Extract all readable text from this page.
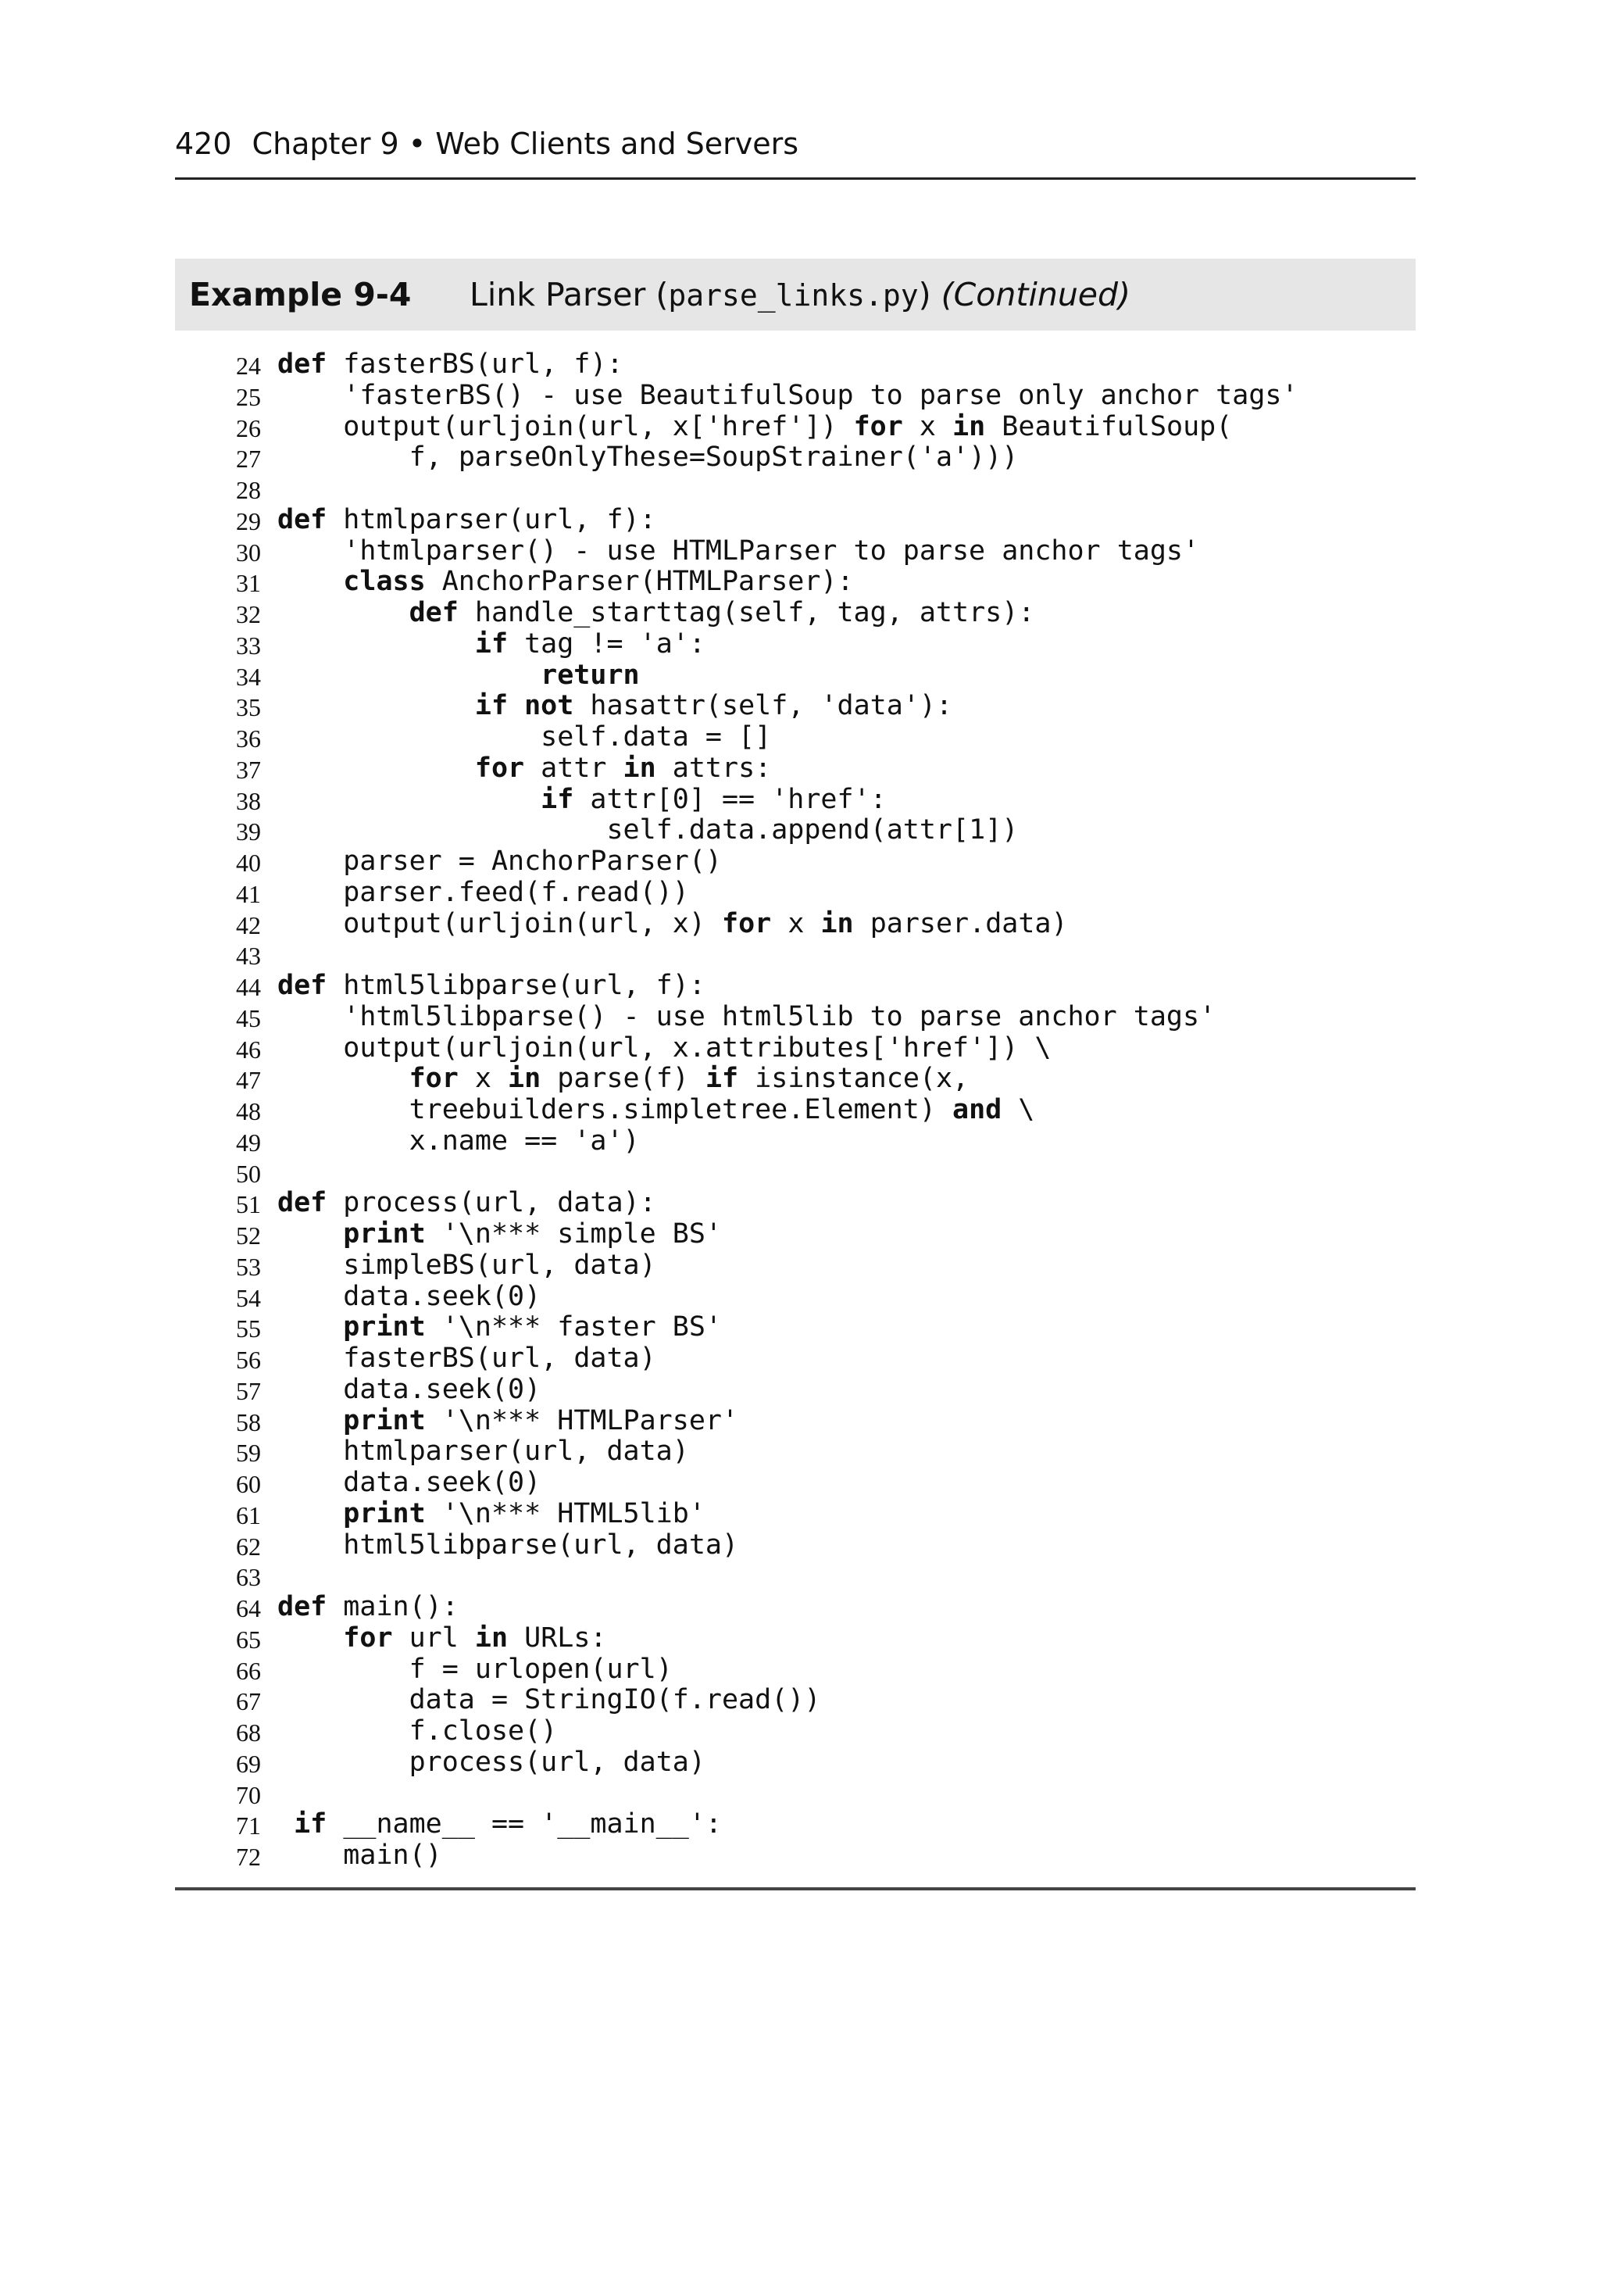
420 Chapter 9 • Web Clients and Servers
Example 9-4 Link Parser (parse_links.py) (Continued)
24 def fasterBS(url, f):
25 'fasterBS() - use BeautifulSoup to parse only anchor tags'
26	output(urljoin(url, x['href']) for x in BeautifulSoup(
27	f, parseOnlyThese=SoupStrainer('a')))
28
29 def htmlparser(url, f):
30 'htmlparser() - use HTMLParser to parse anchor tags'
31	class AnchorParser(HTMLParser):
32	def handle_starttag(self, tag, attrs):
33	if tag != 'a':
34	return
35	if not hasattr(self, 'data'):
36	self.data = []
37	for attr in attrs:
38	if attr[0] == 'href':
39	self.data.append(attr[1])
40	parser = AnchorParser()
41	parser.feed(f.read())
42	output(urljoin(url, x) for x in parser.data)
43
44 def html5libparse(url, f):
45 'html5libparse() - use html5lib to parse anchor tags'
46	output(urljoin(url, x.attributes['href']) \
47	for x in parse(f) if isinstance(x,
48	treebuilders.simpletree.Element) and \
49	x.name == 'a')
50
51 def process(url, data):
52	print '\n*** simple BS'
53	simpleBS(url, data)
54	data.seek(0)
55	print '\n*** faster BS'
56	fasterBS(url, data)
57	data.seek(0)
58	print '\n*** HTMLParser'
59	htmlparser(url, data)
60	data.seek(0)
61	print '\n*** HTML5lib'
62 html5libparse(url, data)
63
64 def main():
65	for url in URLs:
66	f = urlopen(url)
67	data = StringIO(f.read())
68	f.close()
69	process(url, data)
70
71	if __name__ == '__main__':
72	main()
